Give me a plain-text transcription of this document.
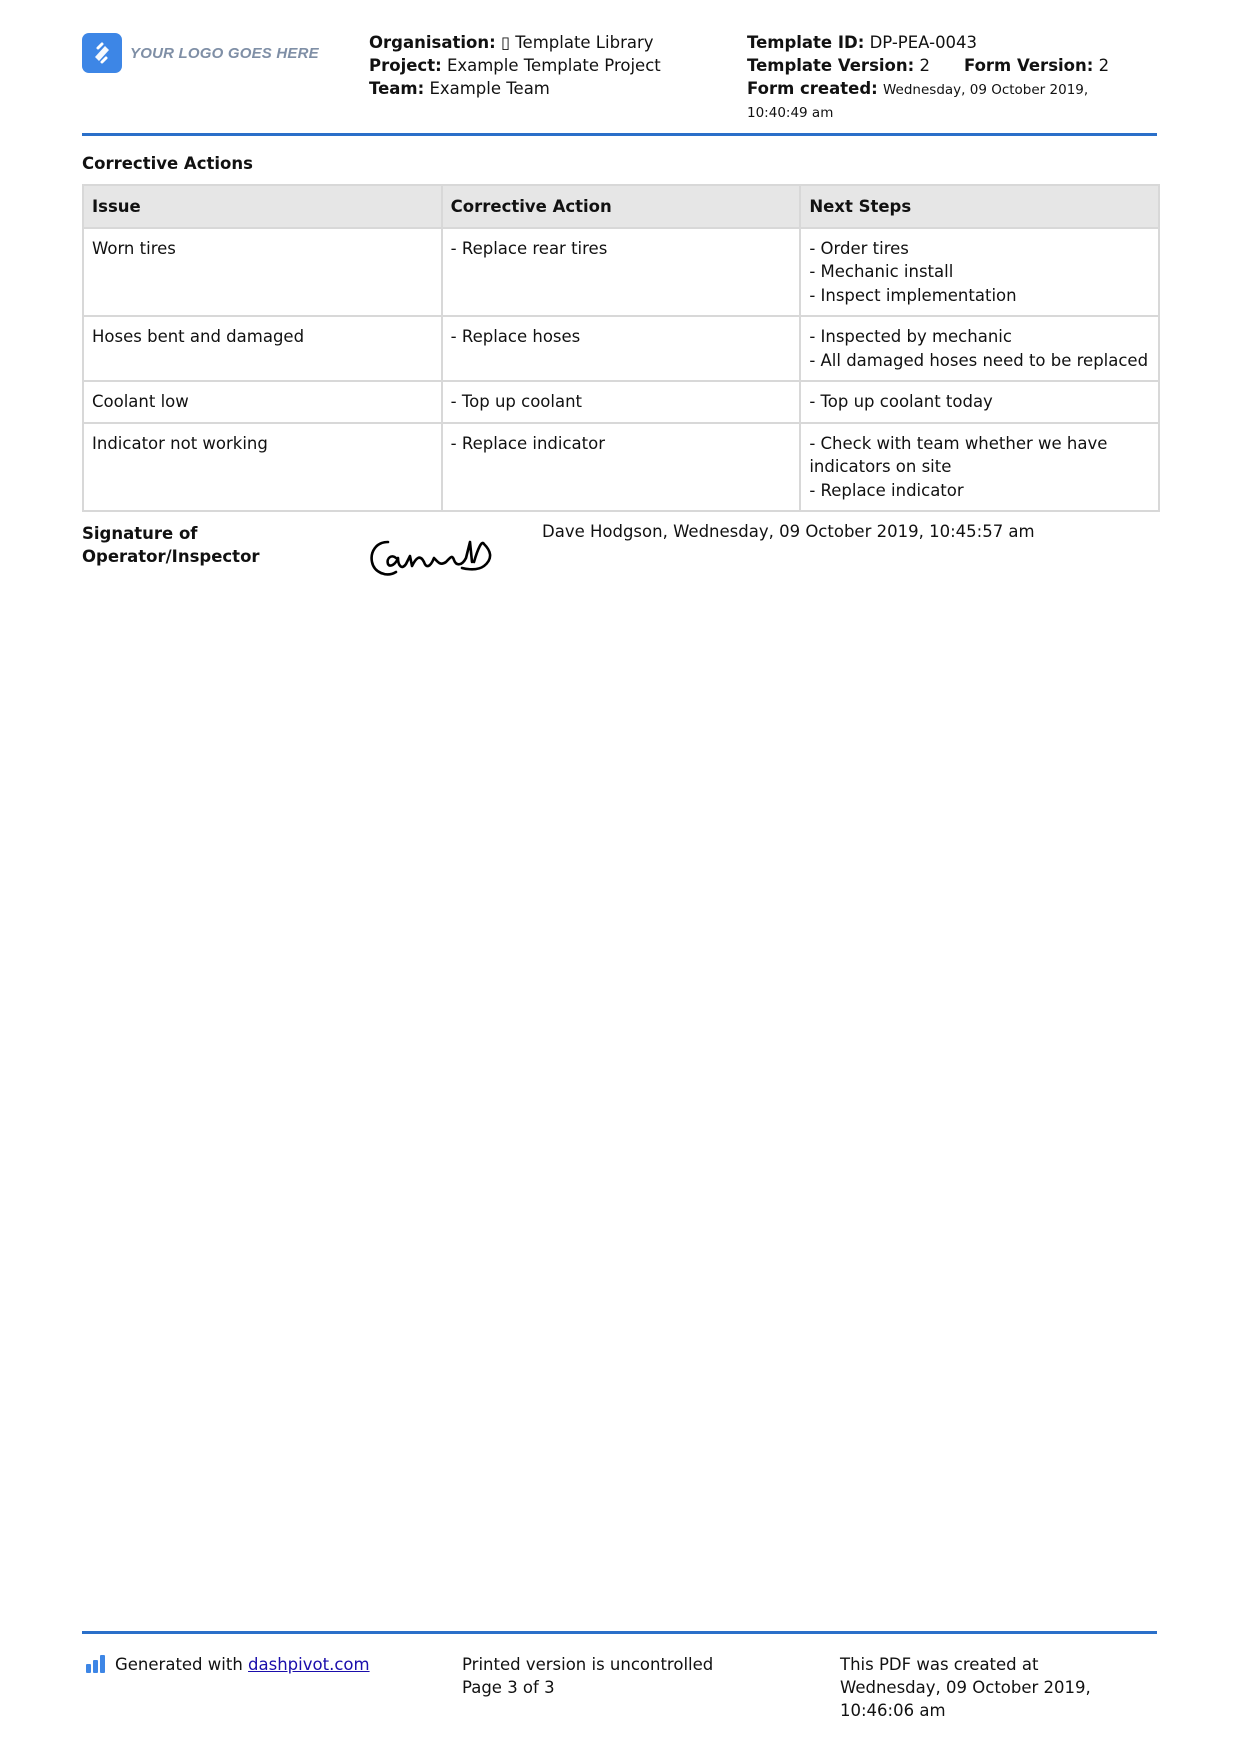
YOUR LOGO GOES HERE
Organisation: ▯ Template Library
Project: Example Template Project
Team: Example Team
Template ID: DP-PEA-0043
Template Version: 2 Form Version: 2
Form created: Wednesday, 09 October 2019,
10:40:49 am
Corrective Actions
Issue	Corrective Action	Next Steps
Worn tires	- Replace rear tires	- Order tires
- Mechanic install
- Inspect implementation

Hoses bent and damaged	- Replace hoses	- Inspected by mechanic
- All damaged hoses need to be replaced

Coolant low	- Top up coolant	- Top up coolant today

Indicator not working	- Replace indicator	- Check with team whether we have
indicators on site
- Replace indicator
Signature of
Operator/Inspector
Dave Hodgson, Wednesday, 09 October 2019, 10:45:57 am
Generated with dashpivot.com	Printed version is uncontrolled
Page 3 of 3
This PDF was created at
Wednesday, 09 October 2019,
10:46:06 am
